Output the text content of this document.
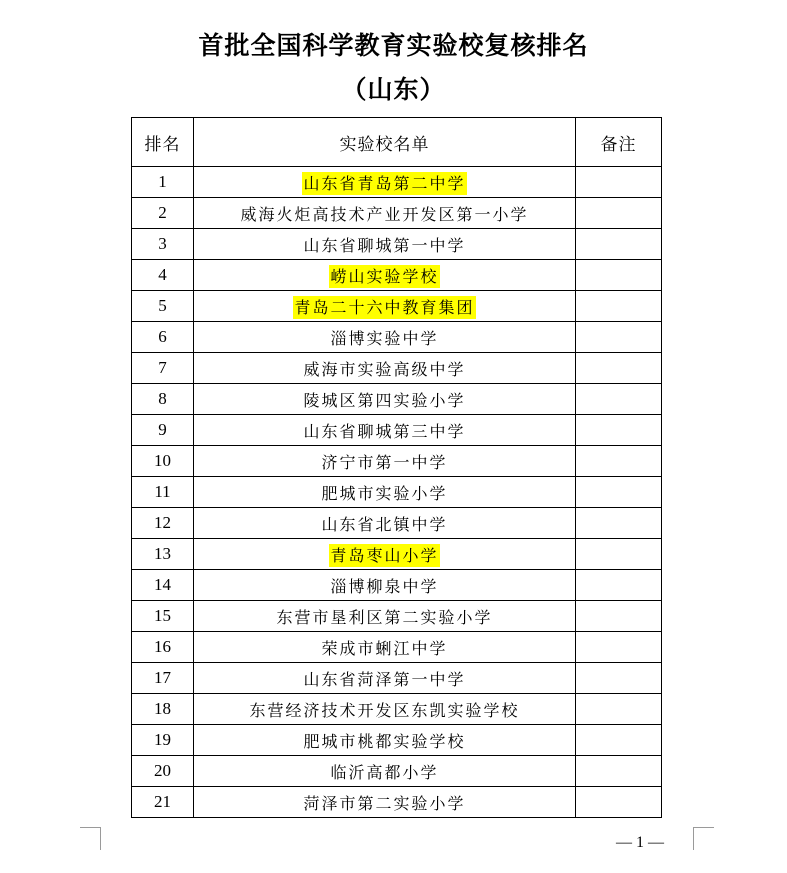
首批全国科学教育实验校复核排名
（山东）
排名	实验校名单	备注
1	山东省青岛第二中学	
2	威海火炬高技术产业开发区第一小学	
3	山东省聊城第一中学	
4	崂山实验学校	
5	青岛二十六中教育集团	
6	淄博实验中学	
7	威海市实验高级中学	
8	陵城区第四实验小学	
9	山东省聊城第三中学	
10	济宁市第一中学	
11	肥城市实验小学	
12	山东省北镇中学	
13	青岛枣山小学	
14	淄博柳泉中学	
15	东营市垦利区第二实验小学	
16	荣成市蜊江中学	
17	山东省菏泽第一中学	
18	东营经济技术开发区东凯实验学校	
19	肥城市桃都实验学校	
20	临沂高都小学	
21	菏泽市第二实验小学	
— 1 —
